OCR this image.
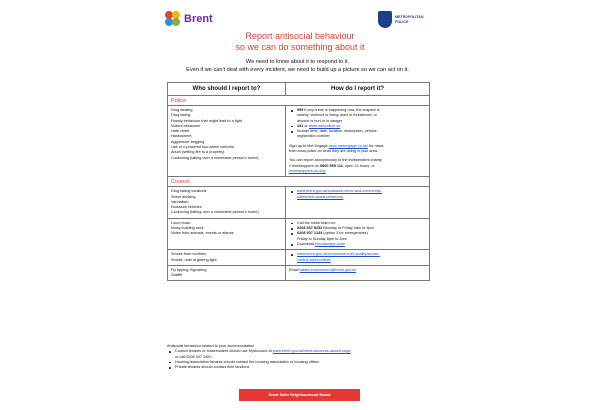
Brent	METROPOLITAN
POLICE
Report antisocial behaviour
so we can do something about it
We need to know about it to respond to it.
Even if we can't deal with every incident, we need to build up a picture so we can act on it.
Who should I report to?	How do I report it?
Police
Drug dealing
Drug taking
Rowdy behaviour that might lead to a fight
Violent behaviour
Hate crime
Harassment
Aggressive begging
Use of e-powered two-wheel vehicles
Arson (setting fire to a property)
Cuckooing (taking over a vulnerable person's home)
999 if any crime is happening now, the suspect is
nearby, violence is being used or threatened, or
anyone is hurt or in danger
101 or www.met.police.uk
Include time, date, location, description, vehicle
registration number
Sign up to Met Engage www.metengage.co.uk/ for news
from local police on what they are doing in your area.
You can report anonymously to the independent charity
Crimestoppers on 0800 555 111, open 24 hours, or
crimestoppers-uk.org/
Council
Drug taking locations
Street drinking
Vandalism
Nuisance vehicles
Cuckooing (taking over a vulnerable person's home)
www.brent.gov.uk/nuisance-crime-and-community-
safety/anti-social-behaviour
Loud music
Noisy building work
Noise from animals, events or alarms
Call the noise team on:
0208 937 5252 Monday to Friday 9am to 6pm
0208 937 1234 (option 3 for emergencies)
Friday to Sunday 6pm to 2am
Download thenoiseapp.com/
Smoke from bonfires
Smells, dust or glaring light
www.brent.gov.uk/environment-air-quality/smoke-
control-and-bonfires
Fly tipping, flyposting
Graffiti
Email waste.enforcement@brent.gov.uk
Antisocial behaviour related to your accommodation
Council tenants or leaseholders should use MyAccount at www.brent.gov.uk/brent-accounts-launch-page
or call 0208 937 2400.
Housing association tenants should contact the housing association or housing officer.
Private tenants should contact their landlord.
Brent Safer Neighbourhood Board
